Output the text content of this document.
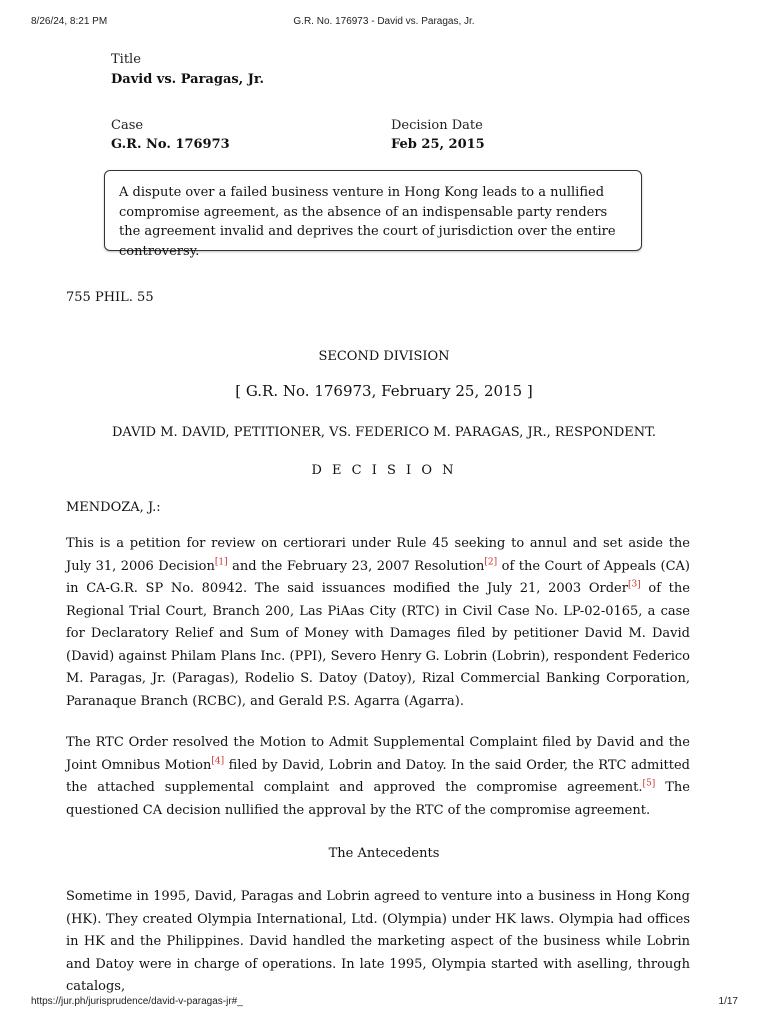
8/26/24, 8:21 PM	G.R. No. 176973 - David vs. Paragas, Jr.
Title
David vs. Paragas, Jr.
Case
G.R. No. 176973
Decision Date
Feb 25, 2015
A dispute over a failed business venture in Hong Kong leads to a nullified compromise agreement, as the absence of an indispensable party renders the agreement invalid and deprives the court of jurisdiction over the entire controversy.
755 PHIL. 55
SECOND DIVISION
[ G.R. No. 176973, February 25, 2015 ]
DAVID M. DAVID, PETITIONER, VS. FEDERICO M. PARAGAS, JR., RESPONDENT.
D E C I S I O N
MENDOZA, J.:
This is a petition for review on certiorari under Rule 45 seeking to annul and set aside the July 31, 2006 Decision [ $^1$ ] and the February 23, 2007 Resolution [ $^2$ ] of the Court of Appeals (CA) in CA-G.R. SP No. 80942. The said issuances modified the July 21, 2003 Order [ $^3$ ] of the Regional Trial Court, Branch 200, Las PiAas City (RTC) in Civil Case No. LP-02-0165, a case for Declaratory Relief and Sum of Money with Damages filed by petitioner David M. David (David) against Philam Plans Inc. (PPI), Severo Henry G. Lobrin (Lobrin), respondent Federico M. Paragas, Jr. (Paragas), Rodelio S. Datoy (Datoy), Rizal Commercial Banking Corporation, Paranaque Branch (RCBC), and Gerald P.S. Agarra (Agarra).
The RTC Order resolved the Motion to Admit Supplemental Complaint filed by David and the Joint Omnibus Motion [ $^4$ ] filed by David, Lobrin and Datoy. In the said Order, the RTC admitted the attached supplemental complaint and approved the compromise agreement. [ $^5$ ] The questioned CA decision nullified the approval by the RTC of the compromise agreement.
The Antecedents
Sometime in 1995, David, Paragas and Lobrin agreed to venture into a business in Hong Kong (HK). They created Olympia International, Ltd. (Olympia) under HK laws. Olympia had offices in HK and the Philippines. David handled the marketing aspect of the business while Lobrin and Datoy were in charge of operations. In late 1995, Olympia started with aselling, through catalogs,
https://jur.ph/jurisprudence/david-v-paragas-jr#_	1/17
